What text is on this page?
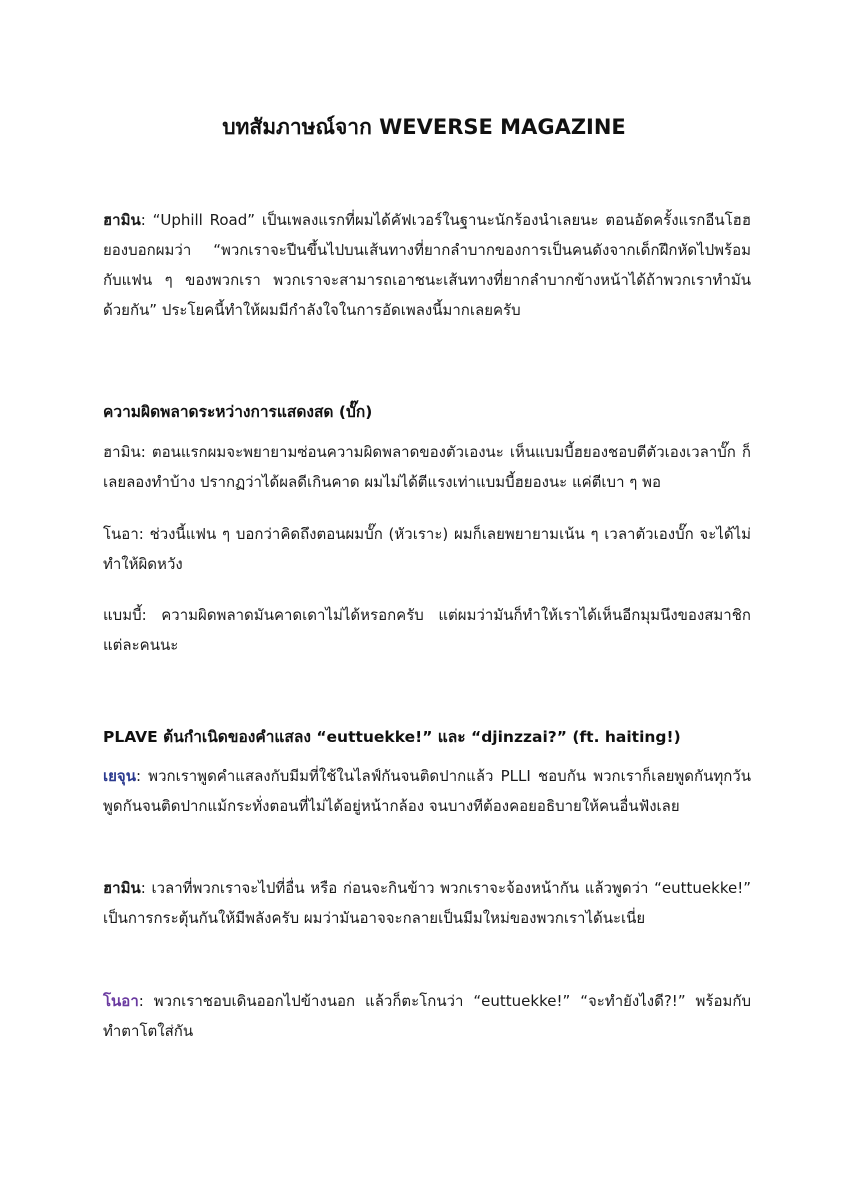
บทสัมภาษณ์จาก WEVERSE MAGAZINE

ฮามิน: “Uphill Road” เป็นเพลงแรกที่ผมได้คัฟเวอร์ในฐานะนักร้องนำเลยนะ ตอนอัดครั้งแรกอีนโฮฮยองบอกผมว่า “พวกเราจะปีนขึ้นไปบนเส้นทางที่ยากลำบากของการเป็นคนดังจากเด็กฝึกหัดไปพร้อมกับแฟน ๆ ของพวกเรา พวกเราจะสามารถเอาชนะเส้นทางที่ยากลำบากข้างหน้าได้ถ้าพวกเราทำมันด้วยกัน” ประโยคนี้ทำให้ผมมีกำลังใจในการอัดเพลงนี้มากเลยครับ

ความผิดพลาดระหว่างการแสดงสด (บั๊ก)

ฮามิน: ตอนแรกผมจะพยายามซ่อนความผิดพลาดของตัวเองนะ เห็นแบมบี้ฮยองชอบตีตัวเองเวลาบั๊ก ก็เลยลองทำบ้าง ปรากฏว่าได้ผลดีเกินคาด ผมไม่ได้ตีแรงเท่าแบมบี้ฮยองนะ แค่ตีเบา ๆ พอ

โนอา: ช่วงนี้แฟน ๆ บอกว่าคิดถึงตอนผมบั๊ก (หัวเราะ) ผมก็เลยพยายามเน้น ๆ เวลาตัวเองบั๊ก จะได้ไม่ทำให้ผิดหวัง

แบมบี้: ความผิดพลาดมันคาดเดาไม่ได้หรอกครับ แต่ผมว่ามันก็ทำให้เราได้เห็นอีกมุมนึงของสมาชิกแต่ละคนนะ

PLAVE ต้นกำเนิดของคำแสลง “euttuekke!” และ “djinzzai?” (ft. haiting!)

เยจุน: พวกเราพูดคำแสลงกับมีมที่ใช้ในไลฟ์กันจนติดปากแล้ว PLLI ชอบกัน พวกเราก็เลยพูดกันทุกวัน พูดกันจนติดปากแม้กระทั่งตอนที่ไม่ได้อยู่หน้ากล้อง จนบางทีต้องคอยอธิบายให้คนอื่นฟังเลย

ฮามิน: เวลาที่พวกเราจะไปที่อื่น หรือ ก่อนจะกินข้าว พวกเราจะจ้องหน้ากัน แล้วพูดว่า “euttuekke!” เป็นการกระตุ้นกันให้มีพลังครับ ผมว่ามันอาจจะกลายเป็นมีมใหม่ของพวกเราได้นะเนี่ย

โนอา: พวกเราชอบเดินออกไปข้างนอก แล้วก็ตะโกนว่า “euttuekke!” “จะทำยังไงดี?!” พร้อมกับทำตาโตใส่กัน
